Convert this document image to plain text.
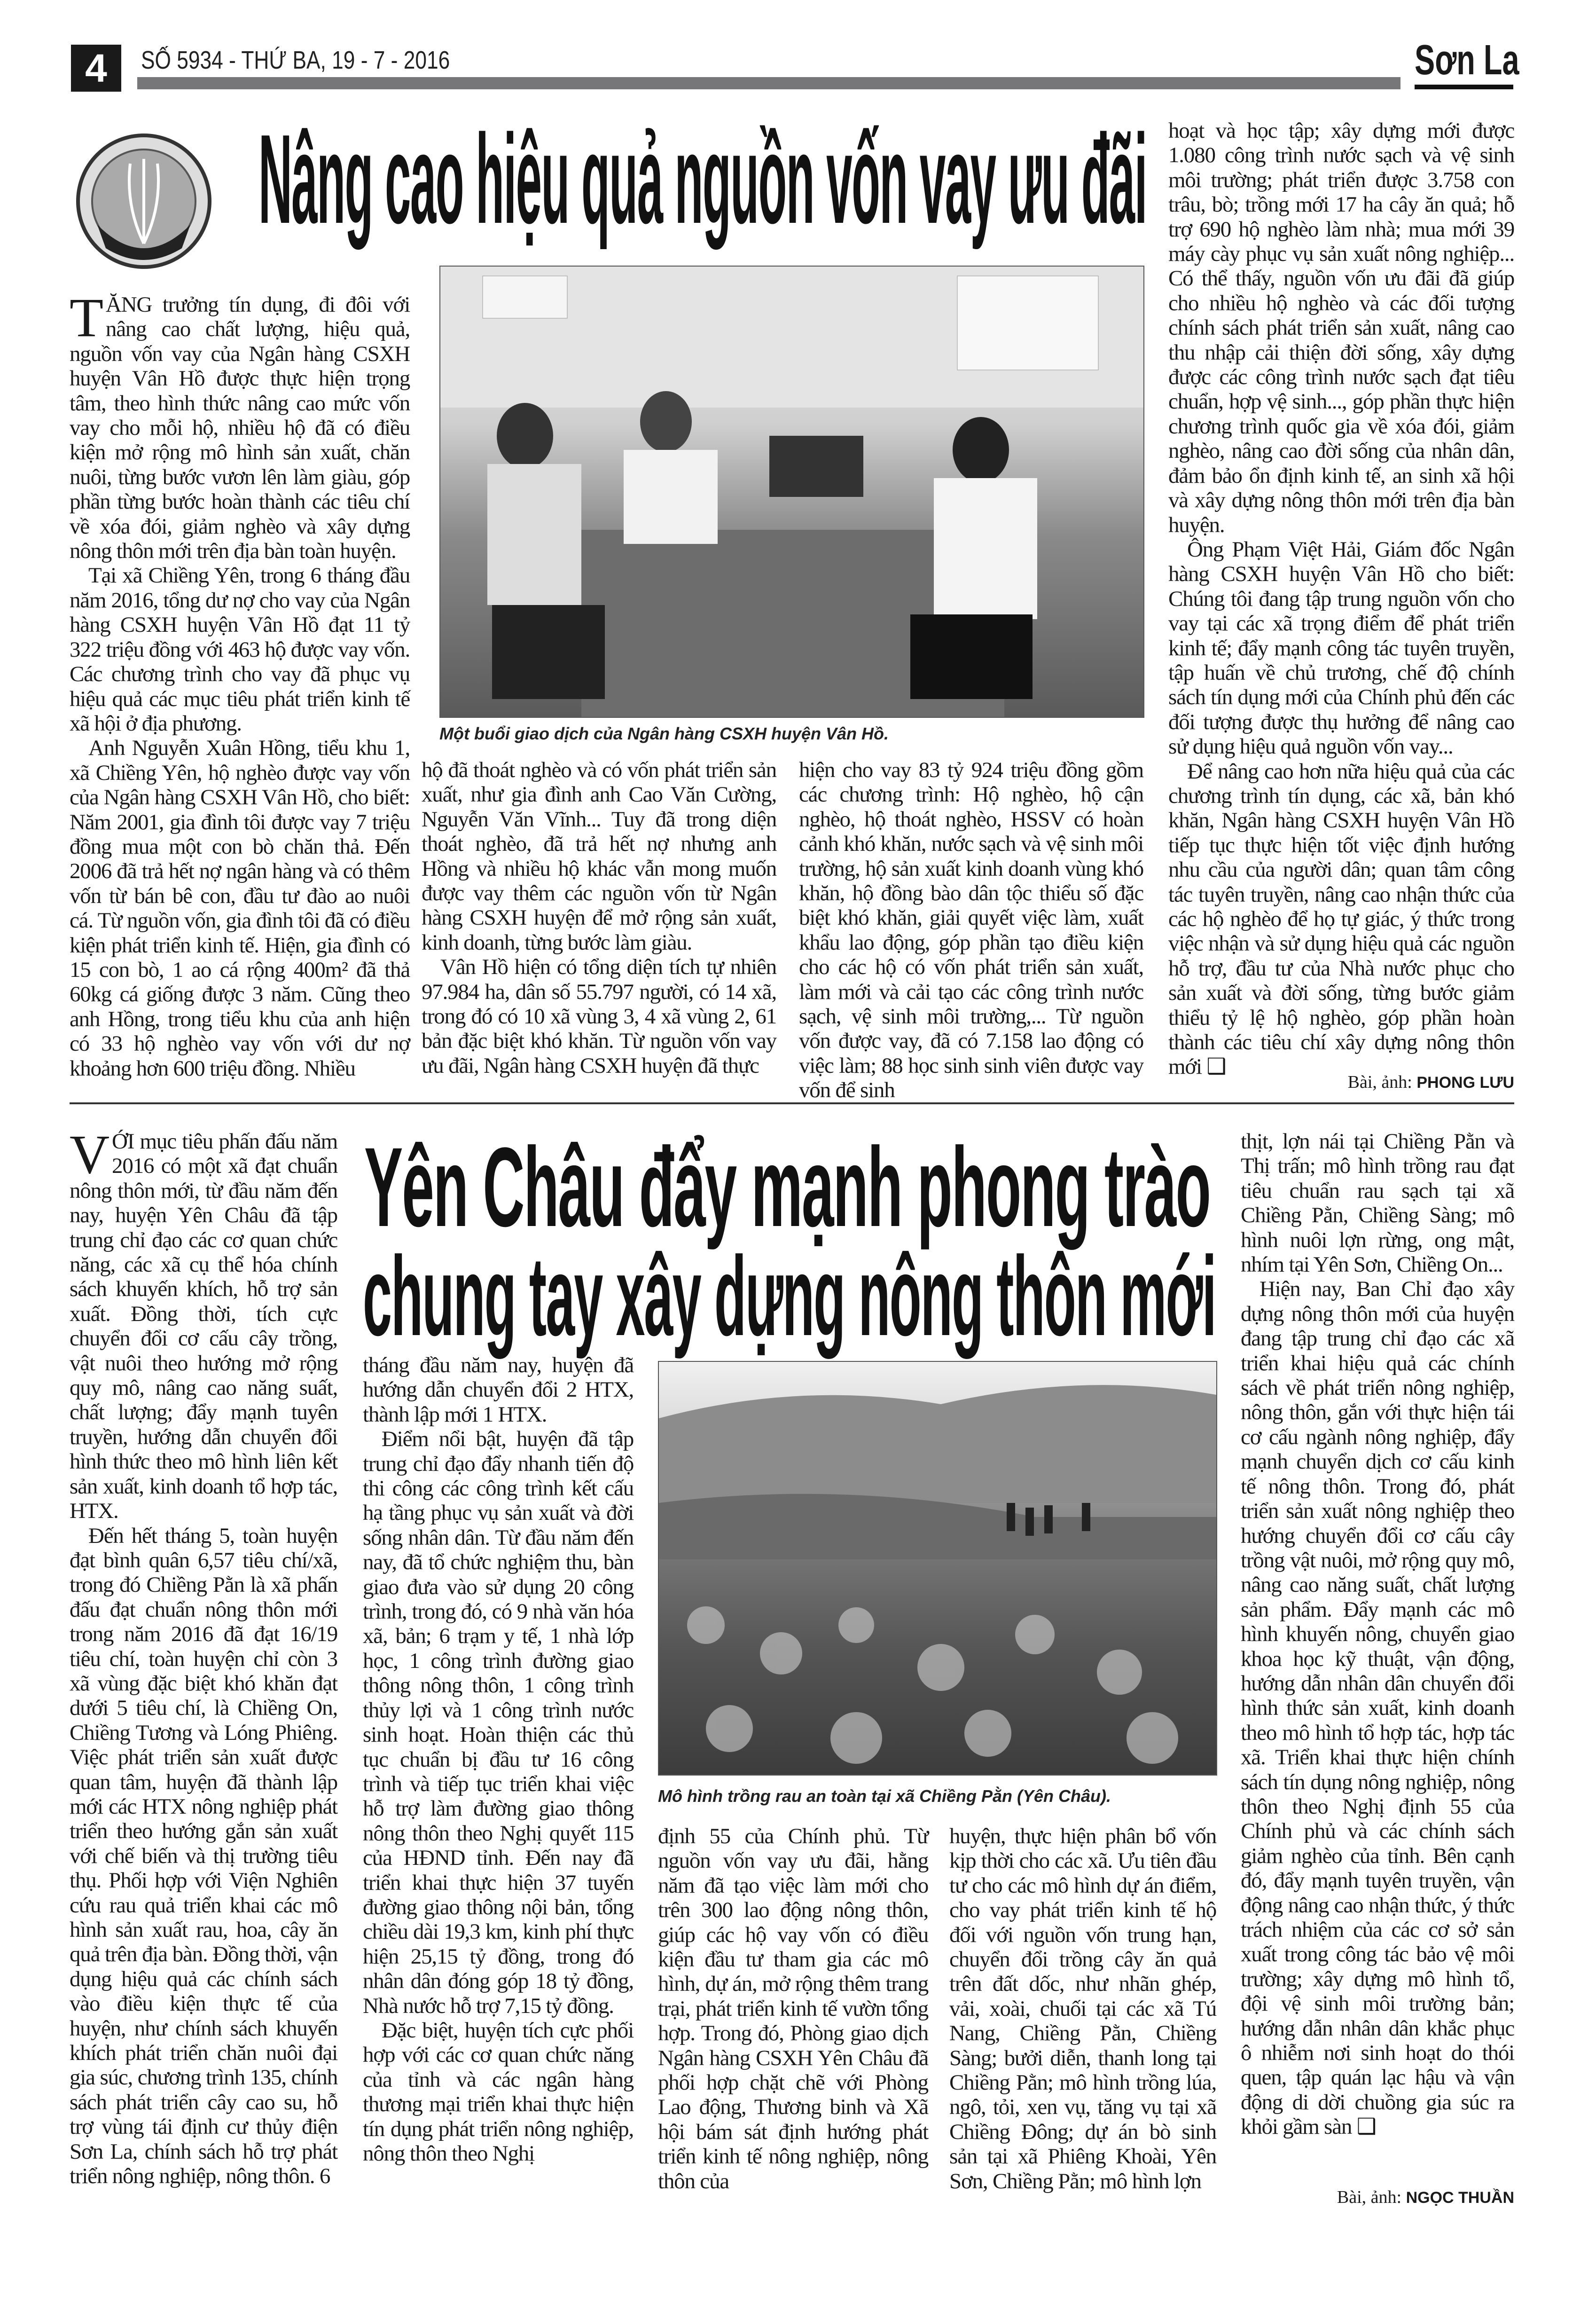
4	SỐ 5934 - THỨ BA, 19 - 7 - 2016	Sơn La
Nâng cao hiệu quả nguồn vốn vay ưu đãi

TĂNG trưởng tín dụng, đi đôi với nâng cao chất lượng, hiệu quả, nguồn vốn vay của Ngân hàng CSXH huyện Vân Hồ được thực hiện trọng tâm, theo hình thức nâng cao mức vốn vay cho mỗi hộ, nhiều hộ đã có điều kiện mở rộng mô hình sản xuất, chăn nuôi, từng bước vươn lên làm giàu, góp phần từng bước hoàn thành các tiêu chí về xóa đói, giảm nghèo và xây dựng nông thôn mới trên địa bàn toàn huyện.

Tại xã Chiềng Yên, trong 6 tháng đầu năm 2016, tổng dư nợ cho vay của Ngân hàng CSXH huyện Vân Hồ đạt 11 tỷ 322 triệu đồng với 463 hộ được vay vốn. Các chương trình cho vay đã phục vụ hiệu quả các mục tiêu phát triển kinh tế xã hội ở địa phương.

Anh Nguyễn Xuân Hồng, tiểu khu 1, xã Chiềng Yên, hộ nghèo được vay vốn của Ngân hàng CSXH Vân Hồ, cho biết: Năm 2001, gia đình tôi được vay 7 triệu đồng mua một con bò chăn thả. Đến 2006 đã trả hết nợ ngân hàng và có thêm vốn từ bán bê con, đầu tư đào ao nuôi cá. Từ nguồn vốn, gia đình tôi đã có điều kiện phát triển kinh tế. Hiện, gia đình có 15 con bò, 1 ao cá rộng 400m² đã thả 60kg cá giống được 3 năm. Cũng theo anh Hồng, trong tiểu khu của anh hiện có 33 hộ nghèo vay vốn với dư nợ khoảng hơn 600 triệu đồng. Nhiều

Một buổi giao dịch của Ngân hàng CSXH huyện Vân Hồ.

hộ đã thoát nghèo và có vốn phát triển sản xuất, như gia đình anh Cao Văn Cường, Nguyễn Văn Vĩnh... Tuy đã trong diện thoát nghèo, đã trả hết nợ nhưng anh Hồng và nhiều hộ khác vẫn mong muốn được vay thêm các nguồn vốn từ Ngân hàng CSXH huyện để mở rộng sản xuất, kinh doanh, từng bước làm giàu.

Vân Hồ hiện có tổng diện tích tự nhiên 97.984 ha, dân số 55.797 người, có 14 xã, trong đó có 10 xã vùng 3, 4 xã vùng 2, 61 bản đặc biệt khó khăn. Từ nguồn vốn vay ưu đãi, Ngân hàng CSXH huyện đã thực

hiện cho vay 83 tỷ 924 triệu đồng gồm các chương trình: Hộ nghèo, hộ cận nghèo, hộ thoát nghèo, HSSV có hoàn cảnh khó khăn, nước sạch và vệ sinh môi trường, hộ sản xuất kinh doanh vùng khó khăn, hộ đồng bào dân tộc thiểu số đặc biệt khó khăn, giải quyết việc làm, xuất khẩu lao động, góp phần tạo điều kiện cho các hộ có vốn phát triển sản xuất, làm mới và cải tạo các công trình nước sạch, vệ sinh môi trường,... Từ nguồn vốn được vay, đã có 7.158 lao động có việc làm; 88 học sinh sinh viên được vay vốn để sinh

hoạt và học tập; xây dựng mới được 1.080 công trình nước sạch và vệ sinh môi trường; phát triển được 3.758 con trâu, bò; trồng mới 17 ha cây ăn quả; hỗ trợ 690 hộ nghèo làm nhà; mua mới 39 máy cày phục vụ sản xuất nông nghiệp... Có thể thấy, nguồn vốn ưu đãi đã giúp cho nhiều hộ nghèo và các đối tượng chính sách phát triển sản xuất, nâng cao thu nhập cải thiện đời sống, xây dựng được các công trình nước sạch đạt tiêu chuẩn, hợp vệ sinh..., góp phần thực hiện chương trình quốc gia về xóa đói, giảm nghèo, nâng cao đời sống của nhân dân, đảm bảo ổn định kinh tế, an sinh xã hội và xây dựng nông thôn mới trên địa bàn huyện.

Ông Phạm Việt Hải, Giám đốc Ngân hàng CSXH huyện Vân Hồ cho biết: Chúng tôi đang tập trung nguồn vốn cho vay tại các xã trọng điểm để phát triển kinh tế; đẩy mạnh công tác tuyên truyền, tập huấn về chủ trương, chế độ chính sách tín dụng mới của Chính phủ đến các đối tượng được thụ hưởng để nâng cao sử dụng hiệu quả nguồn vốn vay...

Để nâng cao hơn nữa hiệu quả của các chương trình tín dụng, các xã, bản khó khăn, Ngân hàng CSXH huyện Vân Hồ tiếp tục thực hiện tốt việc định hướng nhu cầu của người dân; quan tâm công tác tuyên truyền, nâng cao nhận thức của các hộ nghèo để họ tự giác, ý thức trong việc nhận và sử dụng hiệu quả các nguồn hỗ trợ, đầu tư của Nhà nước phục cho sản xuất và đời sống, từng bước giảm thiểu tỷ lệ hộ nghèo, góp phần hoàn thành các tiêu chí xây dựng nông thôn mới ❑

Bài, ảnh: PHONG LƯU

VỚI mục tiêu phấn đấu năm 2016 có một xã đạt chuẩn nông thôn mới, từ đầu năm đến nay, huyện Yên Châu đã tập trung chỉ đạo các cơ quan chức năng, các xã cụ thể hóa chính sách khuyến khích, hỗ trợ sản xuất. Đồng thời, tích cực chuyển đổi cơ cấu cây trồng, vật nuôi theo hướng mở rộng quy mô, nâng cao năng suất, chất lượng; đẩy mạnh tuyên truyền, hướng dẫn chuyển đổi hình thức theo mô hình liên kết sản xuất, kinh doanh tổ hợp tác, HTX.

Đến hết tháng 5, toàn huyện đạt bình quân 6,57 tiêu chí/xã, trong đó Chiềng Pằn là xã phấn đấu đạt chuẩn nông thôn mới trong năm 2016 đã đạt 16/19 tiêu chí, toàn huyện chỉ còn 3 xã vùng đặc biệt khó khăn đạt dưới 5 tiêu chí, là Chiềng On, Chiềng Tương và Lóng Phiêng. Việc phát triển sản xuất được quan tâm, huyện đã thành lập mới các HTX nông nghiệp phát triển theo hướng gắn sản xuất với chế biến và thị trường tiêu thụ. Phối hợp với Viện Nghiên cứu rau quả triển khai các mô hình sản xuất rau, hoa, cây ăn quả trên địa bàn. Đồng thời, vận dụng hiệu quả các chính sách vào điều kiện thực tế của huyện, như chính sách khuyến khích phát triển chăn nuôi đại gia súc, chương trình 135, chính sách phát triển cây cao su, hỗ trợ vùng tái định cư thủy điện Sơn La, chính sách hỗ trợ phát triển nông nghiệp, nông thôn. 6

Yên Châu đẩy mạnh phong trào
chung tay xây dựng nông thôn mới

tháng đầu năm nay, huyện đã hướng dẫn chuyển đổi 2 HTX, thành lập mới 1 HTX.

Điểm nổi bật, huyện đã tập trung chỉ đạo đẩy nhanh tiến độ thi công các công trình kết cấu hạ tầng phục vụ sản xuất và đời sống nhân dân. Từ đầu năm đến nay, đã tổ chức nghiệm thu, bàn giao đưa vào sử dụng 20 công trình, trong đó, có 9 nhà văn hóa xã, bản; 6 trạm y tế, 1 nhà lớp học, 1 công trình đường giao thông nông thôn, 1 công trình thủy lợi và 1 công trình nước sinh hoạt. Hoàn thiện các thủ tục chuẩn bị đầu tư 16 công trình và tiếp tục triển khai việc hỗ trợ làm đường giao thông nông thôn theo Nghị quyết 115 của HĐND tỉnh. Đến nay đã triển khai thực hiện 37 tuyến đường giao thông nội bản, tổng chiều dài 19,3 km, kinh phí thực hiện 25,15 tỷ đồng, trong đó nhân dân đóng góp 18 tỷ đồng, Nhà nước hỗ trợ 7,15 tỷ đồng.

Đặc biệt, huyện tích cực phối hợp với các cơ quan chức năng của tỉnh và các ngân hàng thương mại triển khai thực hiện tín dụng phát triển nông nghiệp, nông thôn theo Nghị

Mô hình trồng rau an toàn tại xã Chiềng Pằn (Yên Châu).

định 55 của Chính phủ. Từ nguồn vốn vay ưu đãi, hằng năm đã tạo việc làm mới cho trên 300 lao động nông thôn, giúp các hộ vay vốn có điều kiện đầu tư tham gia các mô hình, dự án, mở rộng thêm trang trại, phát triển kinh tế vườn tổng hợp. Trong đó, Phòng giao dịch Ngân hàng CSXH Yên Châu đã phối hợp chặt chẽ với Phòng Lao động, Thương binh và Xã hội bám sát định hướng phát triển kinh tế nông nghiệp, nông thôn của

huyện, thực hiện phân bổ vốn kịp thời cho các xã. Ưu tiên đầu tư cho các mô hình dự án điểm, cho vay phát triển kinh tế hộ đối với nguồn vốn trung hạn, chuyển đổi trồng cây ăn quả trên đất dốc, như nhãn ghép, vải, xoài, chuối tại các xã Tú Nang, Chiềng Pằn, Chiềng Sàng; bưởi diễn, thanh long tại Chiềng Pằn; mô hình trồng lúa, ngô, tỏi, xen vụ, tăng vụ tại xã Chiềng Đông; dự án bò sinh sản tại xã Phiêng Khoài, Yên Sơn, Chiềng Pằn; mô hình lợn

thịt, lợn nái tại Chiềng Pằn và Thị trấn; mô hình trồng rau đạt tiêu chuẩn rau sạch tại xã Chiềng Pằn, Chiềng Sàng; mô hình nuôi lợn rừng, ong mật, nhím tại Yên Sơn, Chiềng On...

Hiện nay, Ban Chỉ đạo xây dựng nông thôn mới của huyện đang tập trung chỉ đạo các xã triển khai hiệu quả các chính sách về phát triển nông nghiệp, nông thôn, gắn với thực hiện tái cơ cấu ngành nông nghiệp, đẩy mạnh chuyển dịch cơ cấu kinh tế nông thôn. Trong đó, phát triển sản xuất nông nghiệp theo hướng chuyển đổi cơ cấu cây trồng vật nuôi, mở rộng quy mô, nâng cao năng suất, chất lượng sản phẩm. Đẩy mạnh các mô hình khuyến nông, chuyển giao khoa học kỹ thuật, vận động, hướng dẫn nhân dân chuyển đổi hình thức sản xuất, kinh doanh theo mô hình tổ hợp tác, hợp tác xã. Triển khai thực hiện chính sách tín dụng nông nghiệp, nông thôn theo Nghị định 55 của Chính phủ và các chính sách giảm nghèo của tỉnh. Bên cạnh đó, đẩy mạnh tuyên truyền, vận động nâng cao nhận thức, ý thức trách nhiệm của các cơ sở sản xuất trong công tác bảo vệ môi trường; xây dựng mô hình tổ, đội vệ sinh môi trường bản; hướng dẫn nhân dân khắc phục ô nhiễm nơi sinh hoạt do thói quen, tập quán lạc hậu và vận động di dời chuồng gia súc ra khỏi gầm sàn ❑

Bài, ảnh: NGỌC THUẦN
